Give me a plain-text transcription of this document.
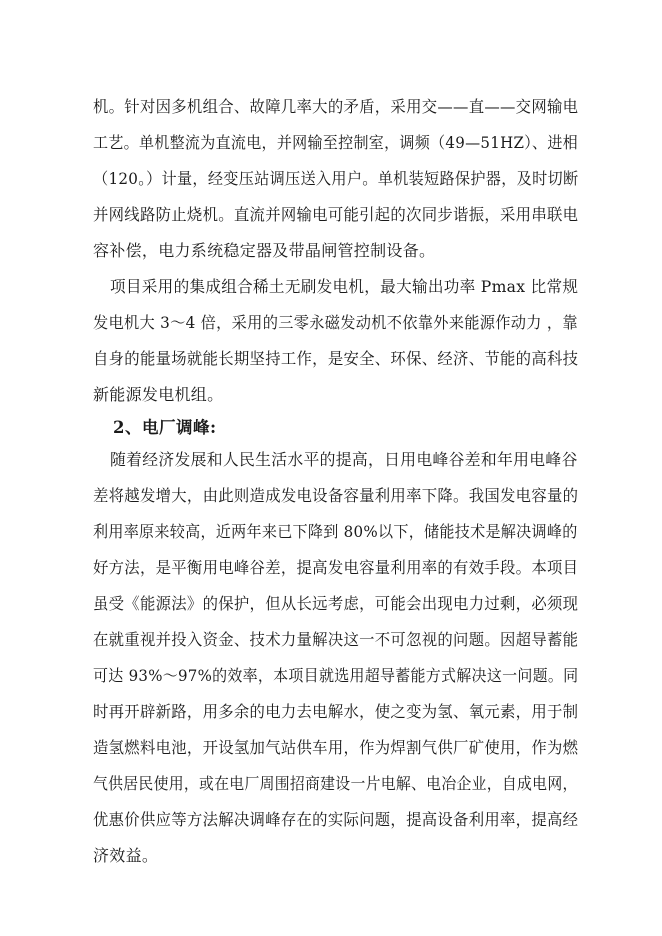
机。针对因多机组合、故障几率大的矛盾，采用交——直——交网输电
工艺。单机整流为直流电，并网输至控制室，调频（49—51HZ）、进相
（120。）计量，经变压站调压送入用户。单机装短路保护器，及时切断
并网线路防止烧机。直流并网输电可能引起的次同步谐振，采用串联电
容补偿，电力系统稳定器及带晶闸管控制设备。
项目采用的集成组合稀土无刷发电机，最大输出功率 Pmax 比常规
发电机大 3～4 倍，采用的三零永磁发动机不依靠外来能源作动力 ，靠
自身的能量场就能长期坚持工作，是安全、环保、经济、节能的高科技
新能源发电机组。
2、电厂调峰:
随着经济发展和人民生活水平的提高，日用电峰谷差和年用电峰谷
差将越发增大，由此则造成发电设备容量利用率下降。我国发电容量的
利用率原来较高，近两年来已下降到 80%以下，储能技术是解决调峰的
好方法，是平衡用电峰谷差，提高发电容量利用率的有效手段。本项目
虽受《能源法》的保护，但从长远考虑，可能会出现电力过剩，必须现
在就重视并投入资金、技术力量解决这一不可忽视的问题。因超导蓄能
可达 93%～97%的效率，本项目就选用超导蓄能方式解决这一问题。同
时再开辟新路，用多余的电力去电解水，使之变为氢、氧元素，用于制
造氢燃料电池，开设氢加气站供车用，作为焊割气供厂矿使用，作为燃
气供居民使用，或在电厂周围招商建设一片电解、电冶企业，自成电网，
优惠价供应等方法解决调峰存在的实际问题，提高设备利用率，提高经
济效益。
